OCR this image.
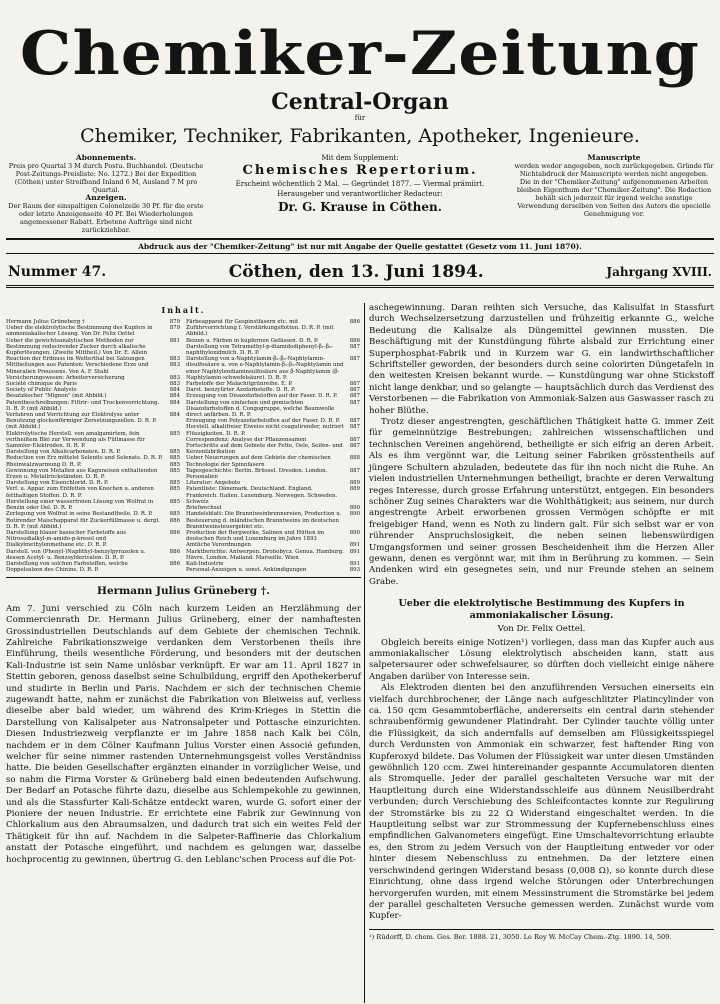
Chemiker-Zeitung
Central-Organ
für
Chemiker, Techniker, Fabrikanten, Apotheker, Ingenieure.
Abonnements.
Preis pro Quartal 3 M durch Postu. Buchhandel. (Deutsche Post-Zeitungs-Preisliste: No. 1272.) Bei der Expedition (Cöthen) unter Streifband Inland 6 M, Ausland 7 M pro Quartal.
Anzeigen.
Der Raum der einspaltigen Colonelzeile 30 Pf. für die erste oder letzte Anzeigenseite 40 Pf. Bei Wiederholungen angemessener Rabatt. Erbetene Aufträge sind nicht zurückziehbar.
Mit dem Supplement:
Chemisches Repertorium.
Erscheint wöchentlich 2 Mal. — Gegründet 1877. — Viermal prämiirt.
Herausgeber und verantwortlicher Redacteur:
Dr. G. Krause in Cöthen.
Manuscripte
werden weder angegeben, noch zurückgegeben. Gründe für Nichtabdruck der Manuscripte werden nicht angegeben. Die in der "Chemiker-Zeitung" aufgenommenen Arbeiten bleiben Eigenthum der "Chemiker-Zeitung". Die Redaction behält sich jederzeit für irgend welche sonstige Verwendung derselben von Seiten des Autors die specielle Genehmigung vor.
Abdruck aus der "Chemiker-Zeitung" ist nur mit Angabe der Quelle gestattet (Gesetz vom 11. Juni 1870).
Nummer 47.	Cöthen, den 13. Juni 1894.	Jahrgang XVIII.
Inhalt.
Hermann Julius Grüneberg †	879
Ueber die elektrolytische Bestimmung des Kupfers in ammoniakalischer Lösung. Von Dr. Felix Oettel
879
Ueber die gewichtsanalytischen Methoden zur Bestimmung reducirender Zucker durch alkalische Kupferlösungen. (Zweite Mittheil.) Von Dr. E. Allein
881
Reaction der Erdnuss im Wetterthal bei Salzungen	883
Mittheilungen aus Patenten: Verschiedene Erze und Mineralien Preussens. Von A. F. Stahl
883
Versicherungswesen: Arbeiterversicherung	883
Société chimique de Paris	883
Society of Public Analysts	884
Besatzkocher "Mignon" (mit Abbild.)	884
Patentbeschreibungen: Filtrir- und Trockenvorrichtung. D. R. P. (mit Abbild.)
884
Verfahren und Vorrichtung zur Elektrolyse unter Benutzung glockenförmiger Zersetzungszellen. D. R. P. (mit Abbild.)
884
Elektrolytische Herstell. von amalgamirtem, fein vertheiltem Blei zur Verwendung als Füllmasse für Sammler-Elektroden. D. R. P.
885
Darstellung von Alkalicarbonaten. D. R. P.	885
Reduction von Erz mittelst Selenits und Selenats. D. R. P.	885
Rheinwalzwarmung D. R. P.	885
Gewinnung von Metallen aus Kaguneisen enthaltenden Erzen u. Metallrückständen. D. R. P.
885
Darstellung von Eisenchlorid. D. R. P.	885
Verf. u. Appar. zum Entfetten von Knochen u. anderen fetthaltigen Stoffen. D. R. P.
885
Herstellung einer wasserfreien Lösung von Wolfrat in Benzin oder Oel. D. R. P.
885
Zerlegung von Wolfrat in seine Bestandtheile. D. R. P.	885
Rotirender Maischapparat für Zuckerfüllmasse u. dergl. D. R. P. (mit Abbild.)
886
Darstellung blauer basischer Farbstoffe aus Nitrosodialkyl-m-amido-p-kresol und Dialkylmethylenmethane etc. D. R. P.
886
Darstell. von (Phenyl-)Naphthyl-benzylpyrazolen u. dessen Acetyl- u. Benzoylderivaten. D. R. P.
886
Darstellung von solchen Farbstoffen, welche Doppelsalzen des Chinins. D. R. P.
886
Färbeapparat für Gespinstfasern etc. mit Zuführvorrichtung f. Verstärkungsflotten. D. R. P. (mit Abbild.)
886
Beizen u. Färben in kupfernen Gefässen. D. R. P.	886
Darstellung von Tetramethyl-p-diamidodiphenyl-β₁-β₂-naphthyloxidmilch. D. R. P.
887
Darstellung von a-Naphtylamin-β₁-β₂-Naphtylamin-disulfosäure u. von e-Naphtylamin-β₁-β₂-Naphtylamin und einer Naphtylendiaminsulfosäure aus β-Naphtylamin (β-Naphtylamin-schwefelsäure). D. R. P.
887
Farbstoffe der Malachitgrünreihe. E. P.	887
Darst. benzylirter Azofarbstoffe. D. R. P.	887
Erzeugung von Disazofarbstoffen auf der Faser. D. R. P.	887
Darstellung von einfachen und gemischten Disazofarbstoffen d. Congogruppe, welche Baumwolle direct anfärben. D. R. P.
887
Erzeugung von Polyazofarbstoffen auf der Faser. D. R. P.	887
Herstell. alkalifreier Eiweiss nicht coagulirender, nutriert Flüssigkeiten. D. R. P.
887
Correspondenz: Analyse der Pflanzensamen	887
Fortschritte auf dem Gebiete der Fette, Oele, Seifen- und Kerzenfabrikation
887
Ueber Neuerungen auf dem Gebiete der chemischen Technologie der Spinnfasern
888
Tagesgeschichte: Berlin. Brüssel. Dresden. London. Personalien
887
Literatur: Angebote	889
Patentliste: Dänemark. Deutschland. England. Frankreich. Italien. Luxemburg. Norwegen. Schweden. Schweiz
889
Briefwechsel	890
Handelsblatt: Die Branntweinbrennereien, Production u. Besteuerung d. inländischen Branntweins im deutschen Branntweinsteuergebiet etc.
890
Production der Bergwerke, Salinen und Hütten im deutschen Reich und Luxemburg im Jahre 1893
890
Amtliche Verordnungen	891
Marktberichte: Antwerpen. Drobobycz. Genua. Hamburg. Hävre. London. Mailand. Marseille. Wien
891
Kali-Industrie	891
Personal-Anzeigen u. sonst. Ankündigungen	893
Hermann Julius Grüneberg †.
Am 7. Juni verschied zu Cöln nach kurzem Leiden an Herzlähmung der Commercienrath Dr. Hermann Julius Grüneberg, einer der namhaftesten Grossindustriellen Deutschlands auf dem Gebiete der chemischen Technik. Zahlreiche Fabrikationszweige verdanken dem Verstorbenen theils ihre Einführung, theils wesentliche Förderung, und besonders mit der deutschen Kali-Industrie ist sein Name unlösbar verknüpft. Er war am 11. April 1827 in Stettin geboren, genoss daselbst seine Schulbildung, ergriff den Apothekerberuf und studirte in Berlin und Paris. Nachdem er sich der technischen Chemie zugewandt hatte, nahm er zunächst die Fabrikation von Bleiweiss auf, verliess dieselbe aber bald wieder, um während des Krim-Krieges in Stettin die Darstellung von Kalisalpeter aus Natronsalpeter und Pottasche einzurichten. Diesen Industriezweig verpflanzte er im Jahre 1858 nach Kalk bei Cöln, nachdem er in dem Cölner Kaufmann Julius Vorster einen Associé gefunden, welcher für seine nimmer rastenden Unternehmungsgeist volles Verständniss hatte. Die beiden Gesellschafter ergänzten einander in vorzüglicher Weise, und so nahm die Firma Vorster & Grüneberg bald einen bedeutenden Aufschwung. Der Bedarf an Potasche führte dazu, dieselbe aus Schlempekohle zu gewinnen, und als die Stassfurter Kali-Schätze entdeckt waren, wurde G. sofort einer der Pioniere der neuen Industrie. Er errichtete eine Fabrik zur Gewinnung von Chlorkalium aus den Abraumsalzen, und dadurch trat sich ein weites Feld der Thätigkeit für ihn auf. Nachdem in die Salpeter-Raffinerie das Chlorkalium anstatt der Potasche eingeführt, und nachdem es gelungen war, dasselbe hochprocentig zu gewinnen, übertrug G. den Leblanc'schen Process auf die Pot-
aschegewinnung. Daran reihten sich Versuche, das Kalisulfat in Stassfurt durch Wechselzersetzung darzustellen und frühzeitig erkannte G., welche Bedeutung die Kalisalze als Düngemittel gewinnen mussten. Die Beschäftigung mit der Kunstdüngung führte alsbald zur Errichtung einer Superphosphat-Fabrik und in Kurzem war G. ein landwirthschaftlicher Schriftsteller geworden, der besonders durch seine colorirten Düngetafeln in den weitesten Kreisen bekannt wurde. — Kunstdüngung war ohne Stickstoff nicht lange denkbar, und so gelangte — hauptsächlich durch das Verdienst des Verstorbenen — die Fabrikation von Ammoniak-Salzen aus Gaswasser rasch zu hoher Blüthe.
Trotz dieser angestrengten, geschäftlichen Thätigkeit hatte G. immer Zeit für gemeinnützige Bestrebungen; zahlreichen wissenschaftlichen und technischen Vereinen angehörend, betheiligte er sich eifrig an deren Arbeit. Als es ihm vergönnt war, die Leitung seiner Fabriken grösstentheils auf jüngere Schultern abzuladen, bedeutete das für ihn noch nicht die Ruhe. An vielen industriellen Unternehmungen betheiligt, brachte er deren Verwaltung reges Interesse, durch grosse Erfahrung unterstützt, entgegen. Ein besonders schöner Zug seines Charakters war die Wohlthätigkeit; aus seinem, nur durch angestrengte Arbeit erworbenen grossen Vermögen schöpfte er mit freigebiger Hand, wenn es Noth zu lindern galt. Für sich selbst war er von rührender Anspruchslosigkeit, die neben seinen liebenswürdigen Umgangsformen und seiner grossen Bescheidenheit ihm die Herzen Aller gewann, denen es vergönnt war, mit ihm in Berührung zu kommen. — Sein Andenken wird ein gesegnetes sein, und nur Freunde stehen an seinem Grabe.
Ueber die elektrolytische Bestimmung des Kupfers in ammoniakalischer Lösung.
Von Dr. Felix Oettel.
Obgleich bereits einige Notizen¹) vorliegen, dass man das Kupfer auch aus ammoniakalischer Lösung elektrolytisch abscheiden kann, statt aus salpetersaurer oder schwefelsaurer, so dürften doch vielleicht einige nähere Angaben darüber von Interesse sein.
Als Elektroden dienten bei den anzuführenden Versuchen einerseits ein vielfach durchbrochener, der Länge nach aufgeschlitzter Platincylinder von ca. 150 qcm Gesammtoberfläche, andererseits ein central darin stehender schraubenförmig gewundener Platindraht. Der Cylinder tauchte völlig unter die Flüssigkeit, da sich andernfalls auf demselben am Flüssigkeitsspiegel durch Verdunsten von Ammoniak ein schwarzer, fest haftender Ring von Kupferoxyd bildete. Das Volumen der Flüssigkeit war unter diesen Umständen gewöhnlich 120 ccm. Zwei hintereinander gespannte Accumulatoren dienten als Stromquelle. Jeder der parallel geschalteten Versuche war mit der Hauptleitung durch eine Widerstandsschleife aus dünnem Neusilberdraht verbunden; durch Verschiebung des Schleifcontactes konnte zur Regulirung der Stromstärke bis zu 22 Ω Widerstand eingeschaltet werden. In die Hauptleitung selbst war zur Strommessung der Kupfernebenschluss eines empfindlichen Galvanometers eingefügt. Eine Umschaltevorrichtung erlaubte es, den Strom zu jedem Versuch von der Hauptleitung entweder vor oder hinter diesem Nebenschluss zu entnehmen. Da der letztere einen verschwindend geringen Widerstand besass (0,008 Ω), so konnte durch diese Einrichtung, ohne dass irgend welche Störungen oder Unterbrechungen hervorgerufen wurden, mit einem Messinstrument die Stromstärke bei jedem der parallel geschalteten Versuche gemessen werden. Zunächst wurde vom Kupfer-
¹) Rüdorff, D. chem. Ges. Ber. 1888. 21, 3050. Le Roy W. McCay Chem.-Ztg. 1890. 14, 509.
